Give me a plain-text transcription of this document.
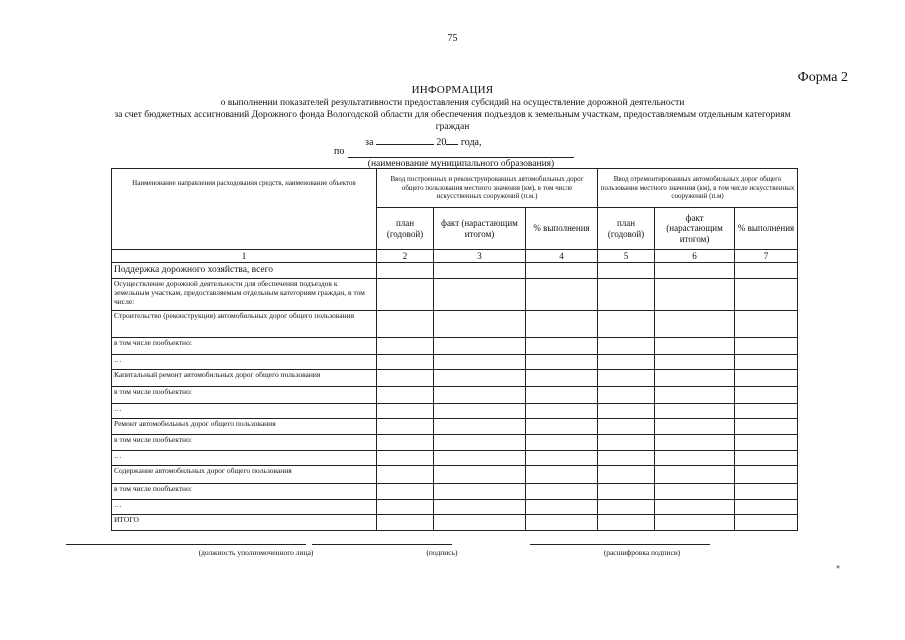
75
Форма 2
ИНФОРМАЦИЯ
о выполнении показателей результативности предоставления субсидий на осуществление дорожной деятельности
за счет бюджетных ассигнований Дорожного фонда Вологодской области для обеспечения подъездов к земельным участкам, предоставляемым отдельным категориям
граждан
за	20 года,
по
(наименование муниципального образования)
Наименование направления расходования средств, наименование объектов	Ввод построенных и реконструированных автомобильных дорог общего пользования местного значения (км), в том числе искусственных сооружений (п.м.)			Ввод отремонтированных автомобильных дорог общего пользования местного значения (км), в том числе искусственных сооружений (п.м)		
	план (годовой)	факт (нарастающим итогом)	% выполнения	план (годовой)	факт (нарастающим итогом)	% выполнения
1	2	3	4	5	6	7
Поддержка дорожного хозяйства, всего						
Осуществление дорожной деятельности для обеспечения подъездов к земельным участкам, предоставляемым отдельным категориям граждан, в том числе:						
Строительство (реконструкция) автомобильных дорог общего пользования						
в том числе пообъектно:						
…						
Капитальный ремонт автомобильных дорог общего пользования						
в том числе пообъектно:						
…						
Ремонт автомобильных дорог общего пользования						
в том числе пообъектно:						
…						
Содержание автомобильных дорог общего пользования						
в том числе пообъектно:						
…						
ИТОГО						
(должность уполномоченного лица)	(подпись)	(расшифровка подписи)
»
